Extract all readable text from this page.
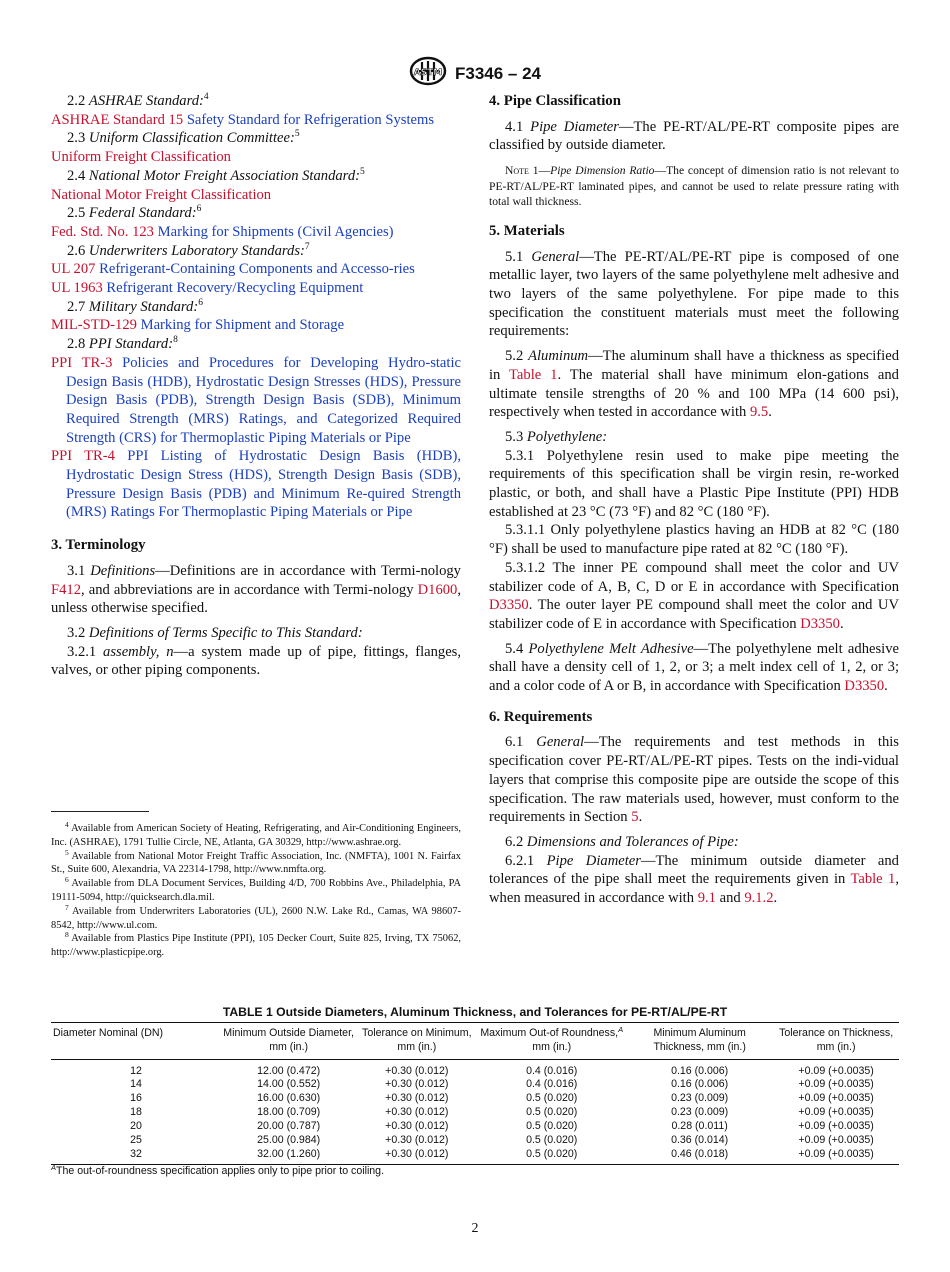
ASTM F3346 – 24
2.2 ASHRAE Standard:$^4$
ASHRAE Standard 15 Safety Standard for Refrigeration Systems
2.3 Uniform Classification Committee:$^5$
Uniform Freight Classification
2.4 National Motor Freight Association Standard:$^5$
National Motor Freight Classification
2.5 Federal Standard:$^6$
Fed. Std. No. 123 Marking for Shipments (Civil Agencies)
2.6 Underwriters Laboratory Standards:$^7$
UL 207 Refrigerant-Containing Components and Accesso-ries
UL 1963 Refrigerant Recovery/Recycling Equipment
2.7 Military Standard:$^6$
MIL-STD-129 Marking for Shipment and Storage
2.8 PPI Standard:$^8$
PPI TR-3 Policies and Procedures for Developing Hydro-static Design Basis (HDB), Hydrostatic Design Stresses (HDS), Pressure Design Basis (PDB), Strength Design Basis (SDB), Minimum Required Strength (MRS) Ratings, and Categorized Required Strength (CRS) for Thermoplastic Piping Materials or Pipe
PPI TR-4 PPI Listing of Hydrostatic Design Basis (HDB), Hydrostatic Design Stress (HDS), Strength Design Basis (SDB), Pressure Design Basis (PDB) and Minimum Re-quired Strength (MRS) Ratings For Thermoplastic Piping Materials or Pipe
3. Terminology
3.1 Definitions—Definitions are in accordance with Termi-nology F412, and abbreviations are in accordance with Termi-nology D1600, unless otherwise specified.
3.2 Definitions of Terms Specific to This Standard:
3.2.1 assembly, n—a system made up of pipe, fittings, flanges, valves, or other piping components.
$^4$ Available from American Society of Heating, Refrigerating, and Air-Conditioning Engineers, Inc. (ASHRAE), 1791 Tullie Circle, NE, Atlanta, GA 30329, http://www.ashrae.org.
$^5$ Available from National Motor Freight Traffic Association, Inc. (NMFTA), 1001 N. Fairfax St., Suite 600, Alexandria, VA 22314-1798, http://www.nmfta.org.
$^6$ Available from DLA Document Services, Building 4/D, 700 Robbins Ave., Philadelphia, PA 19111-5094, http://quicksearch.dla.mil.
$^7$ Available from Underwriters Laboratories (UL), 2600 N.W. Lake Rd., Camas, WA 98607-8542, http://www.ul.com.
$^8$ Available from Plastics Pipe Institute (PPI), 105 Decker Court, Suite 825, Irving, TX 75062, http://www.plasticpipe.org.
4. Pipe Classification
4.1 Pipe Diameter—The PE-RT/AL/PE-RT composite pipes are classified by outside diameter.
Note 1—Pipe Dimension Ratio—The concept of dimension ratio is not relevant to PE-RT/AL/PE-RT laminated pipes, and cannot be used to relate pressure rating with total wall thickness.
5. Materials
5.1 General—The PE-RT/AL/PE-RT pipe is composed of one metallic layer, two layers of the same polyethylene melt adhesive and two layers of the same polyethylene. For pipe made to this specification the constituent materials must meet the following requirements:
5.2 Aluminum—The aluminum shall have a thickness as specified in Table 1. The material shall have minimum elon-gations and ultimate tensile strengths of 20 % and 100 MPa (14 600 psi), respectively when tested in accordance with 9.5.
5.3 Polyethylene:
5.3.1 Polyethylene resin used to make pipe meeting the requirements of this specification shall be virgin resin, re-worked plastic, or both, and shall have a Plastic Pipe Institute (PPI) HDB established at 23 °C (73 °F) and 82 °C (180 °F).
5.3.1.1 Only polyethylene plastics having an HDB at 82 °C (180 °F) shall be used to manufacture pipe rated at 82 °C (180 °F).
5.3.1.2 The inner PE compound shall meet the color and UV stabilizer code of A, B, C, D or E in accordance with Specification D3350. The outer layer PE compound shall meet the color and UV stabilizer code of E in accordance with Specification D3350.
5.4 Polyethylene Melt Adhesive—The polyethylene melt adhesive shall have a density cell of 1, 2, or 3; a melt index cell of 1, 2, or 3; and a color code of A or B, in accordance with Specification D3350.
6. Requirements
6.1 General—The requirements and test methods in this specification cover PE-RT/AL/PE-RT pipes. Tests on the indi-vidual layers that comprise this composite pipe are outside the scope of this specification. The raw materials used, however, must conform to the requirements in Section 5.
6.2 Dimensions and Tolerances of Pipe:
6.2.1 Pipe Diameter—The minimum outside diameter and tolerances of the pipe shall meet the requirements given in Table 1, when measured in accordance with 9.1 and 9.1.2.
TABLE 1 Outside Diameters, Aluminum Thickness, and Tolerances for PE-RT/AL/PE-RT
Diameter Nominal (DN)	Minimum Outside Diameter, mm (in.)	Tolerance on Minimum, mm (in.)	Maximum Out-of Roundness,$^A$ mm (in.)	Minimum Aluminum Thickness, mm (in.)	Tolerance on Thickness, mm (in.)
12	12.00 (0.472)	+0.30 (0.012)	0.4 (0.016)	0.16 (0.006)	+0.09 (+0.0035)
14	14.00 (0.552)	+0.30 (0.012)	0.4 (0.016)	0.16 (0.006)	+0.09 (+0.0035)
16	16.00 (0.630)	+0.30 (0.012)	0.5 (0.020)	0.23 (0.009)	+0.09 (+0.0035)
18	18.00 (0.709)	+0.30 (0.012)	0.5 (0.020)	0.23 (0.009)	+0.09 (+0.0035)
20	20.00 (0.787)	+0.30 (0.012)	0.5 (0.020)	0.28 (0.011)	+0.09 (+0.0035)
25	25.00 (0.984)	+0.30 (0.012)	0.5 (0.020)	0.36 (0.014)	+0.09 (+0.0035)
32	32.00 (1.260)	+0.30 (0.012)	0.5 (0.020)	0.46 (0.018)	+0.09 (+0.0035)
$^A$The out-of-roundness specification applies only to pipe prior to coiling.
2
